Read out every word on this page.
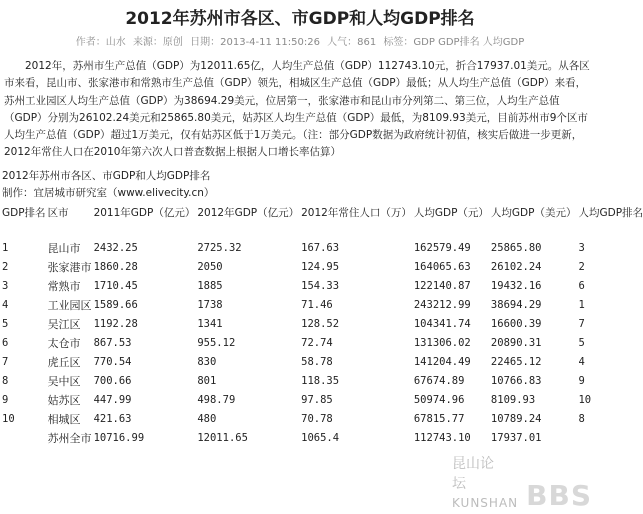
2012年苏州市各区、市GDP和人均GDP排名
作者：山水 来源：原创 日期：2013-4-11 11:50:26 人气：861 标签：GDP GDP排名 人均GDP

2012年，苏州市生产总值（GDP）为12011.65亿，人均生产总值（GDP）112743.10元，折合17937.01美元。从各区市来看，昆山市、张家港市和常熟市生产总值（GDP）领先，相城区生产总值（GDP）最低；从人均生产总值（GDP）来看，苏州工业园区人均生产总值（GDP）为38694.29美元，位居第一，张家港市和昆山市分列第二、第三位，人均生产总值（GDP）分别为26102.24美元和25865.80美元，姑苏区人均生产总值（GDP）最低，为8109.93美元，目前苏州市9个区市人均生产总值（GDP）超过1万美元，仅有姑苏区低于1万美元。（注：部分GDP数据为政府统计初值，核实后做进一步更新，2012年常住人口在2010年第六次人口普查数据上根据人口增长率估算）

2012年苏州市各区、市GDP和人均GDP排名
制作：宜居城市研究室（www.elivecity.cn）
GDP排名	区市	2011年GDP（亿元）	2012年GDP（亿元）	2012年常住人口（万）	人均GDP（元）	人均GDP（美元）	人均GDP排名
1	昆山市	2432.25	2725.32	167.63	162579.49	25865.80	3
2	张家港市	1860.28	2050	124.95	164065.63	26102.24	2
3	常熟市	1710.45	1885	154.33	122140.87	19432.16	6
4	工业园区	1589.66	1738	71.46	243212.99	38694.29	1
5	吴江区	1192.28	1341	128.52	104341.74	16600.39	7
6	太仓市	867.53	955.12	72.74	131306.02	20890.31	5
7	虎丘区	770.54	830	58.78	141204.49	22465.12	4
8	吴中区	700.66	801	118.35	67674.89	10766.83	9
9	姑苏区	447.99	498.79	97.85	50974.96	8109.93	10
10	相城区	421.63	480	70.78	67815.77	10789.24	8
	苏州全市	10716.99	12011.65	1065.4	112743.10	17937.01	
昆山论坛
KUNSHAN BBS
